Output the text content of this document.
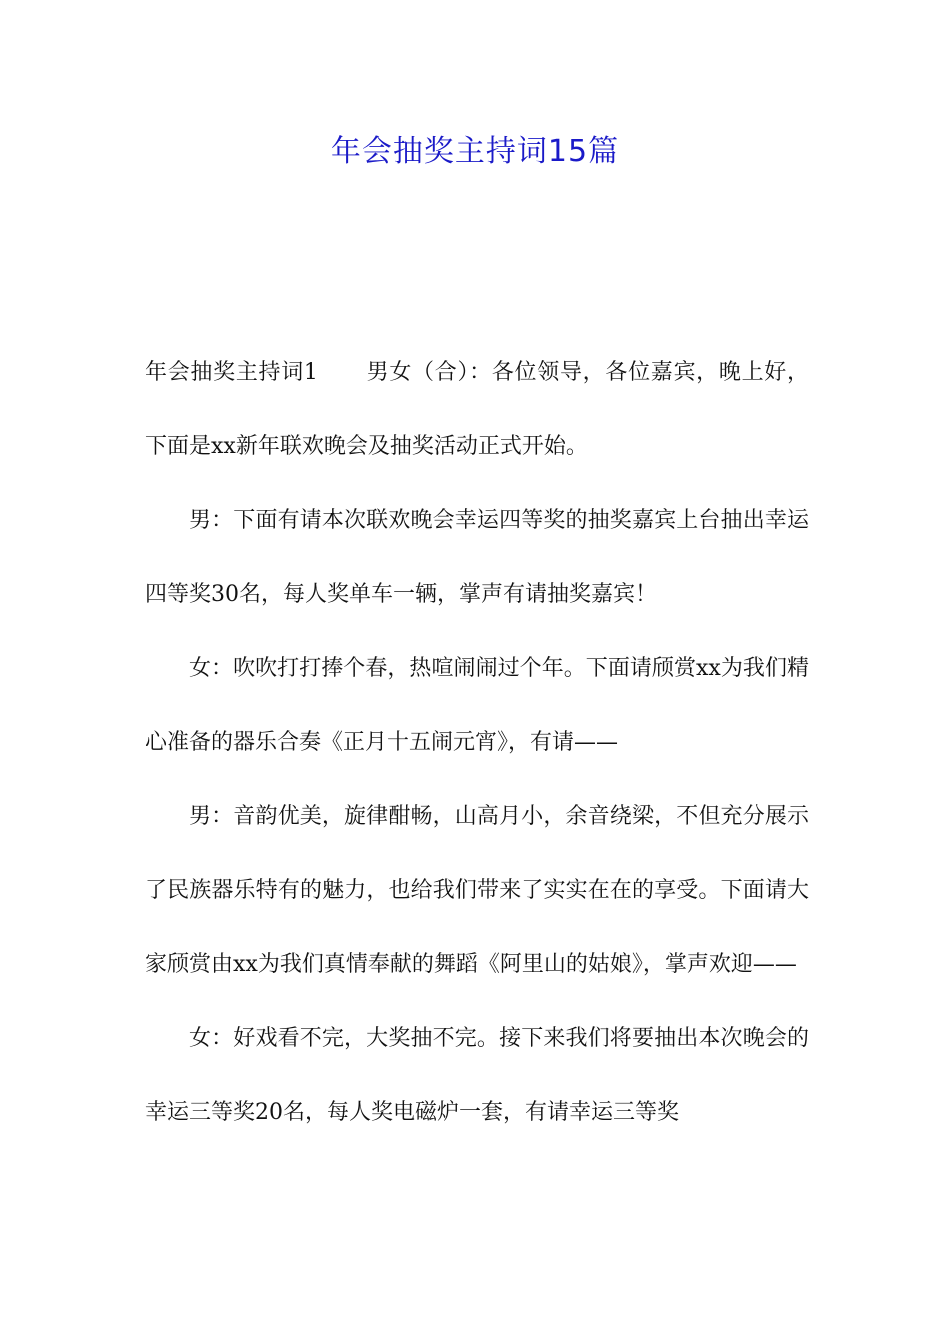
年会抽奖主持词15篇

年会抽奖主持词1 男女（合）：各位领导，各位嘉宾，晚上好，下面是xx新年联欢晚会及抽奖活动正式开始。

男：下面有请本次联欢晚会幸运四等奖的抽奖嘉宾上台抽出幸运四等奖30名，每人奖单车一辆，掌声有请抽奖嘉宾！

女：吹吹打打捧个春，热喧闹闹过个年。下面请颀赏xx为我们精心准备的器乐合奏《正月十五闹元宵》，有请——

男：音韵优美，旋律酣畅，山高月小，余音绕梁，不但充分展示了民族器乐特有的魅力，也给我们带来了实实在在的享受。下面请大家颀赏由xx为我们真情奉献的舞蹈《阿里山的姑娘》，掌声欢迎——

女：好戏看不完，大奖抽不完。接下来我们将要抽出本次晚会的幸运三等奖20名，每人奖电磁炉一套，有请幸运三等奖
